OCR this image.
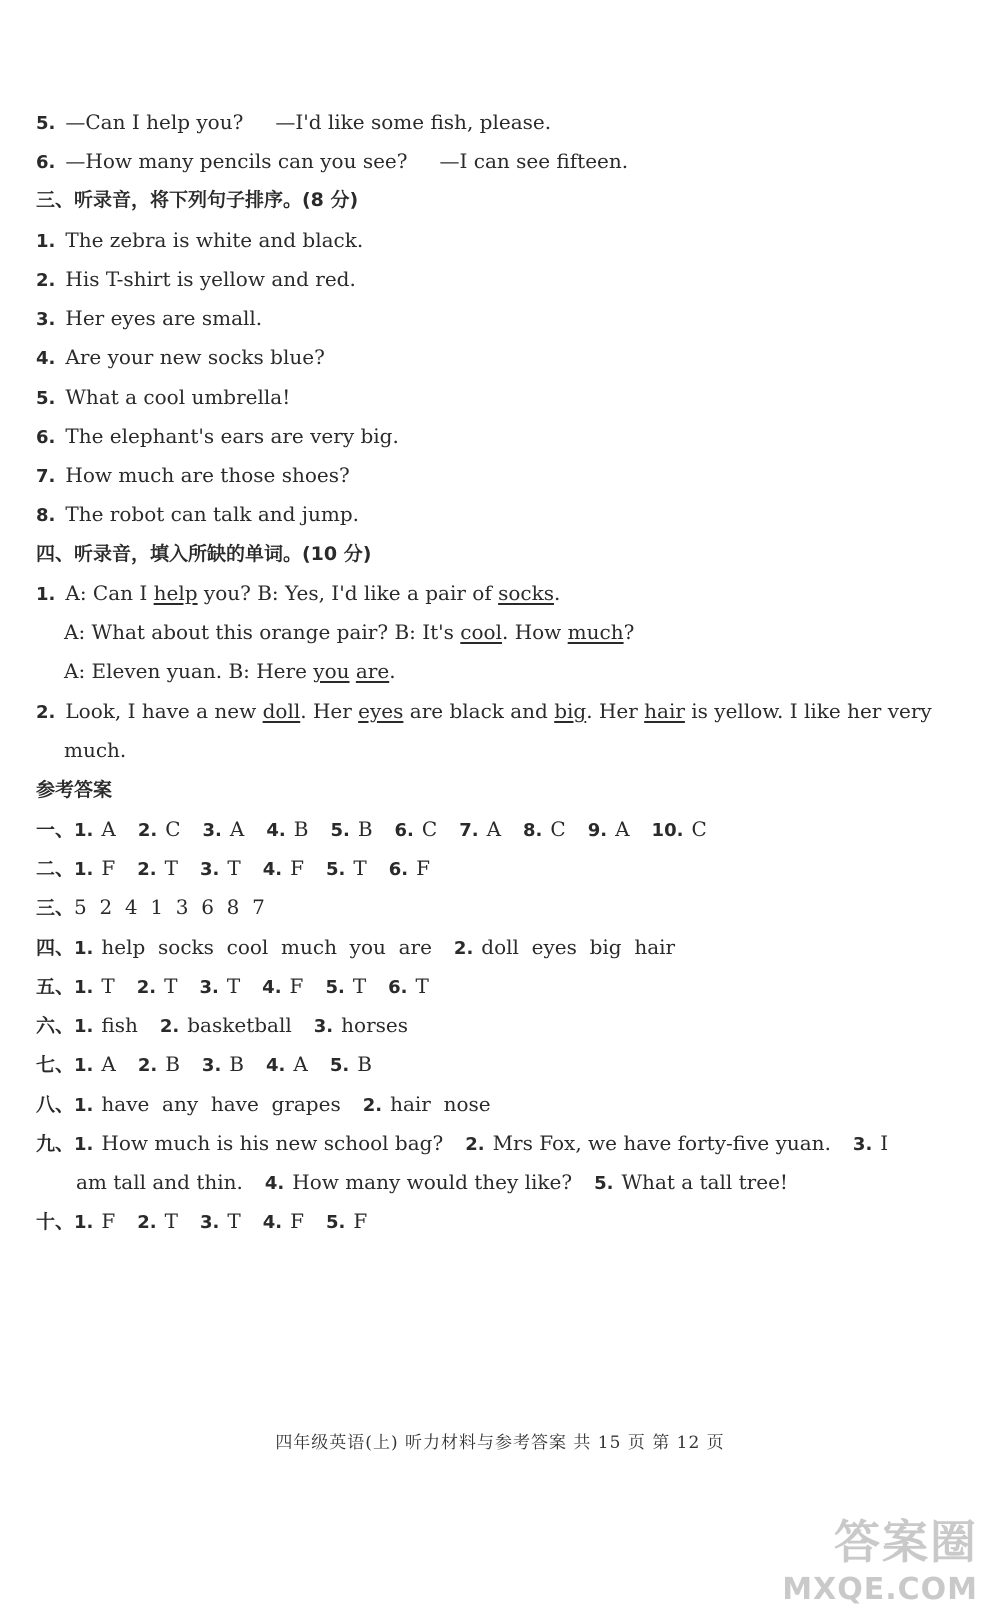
5. —Can I help you? —I'd like some fish, please.
6. —How many pencils can you see? —I can see fifteen.
三、听录音，将下列句子排序。(8 分)
1. The zebra is white and black.
2. His T-shirt is yellow and red.
3. Her eyes are small.
4. Are your new socks blue?
5. What a cool umbrella!
6. The elephant's ears are very big.
7. How much are those shoes?
8. The robot can talk and jump.
四、听录音，填入所缺的单词。(10 分)
1. A: Can I help you? B: Yes, I'd like a pair of socks.
A: What about this orange pair? B: It's cool. How much?
A: Eleven yuan. B: Here you are.
2. Look, I have a new doll. Her eyes are black and big. Her hair is yellow. I like her very
much.
参考答案
一、1. A 2. C 3. A 4. B 5. B 6. C 7. A 8. C 9. A 10. C
二、1. F 2. T 3. T 4. F 5. T 6. F
三、5  2  4  1  3  6  8  7
四、1. help  socks  cool  much  you  are 2. doll  eyes  big  hair
五、1. T 2. T 3. T 4. F 5. T 6. T
六、1. fish 2. basketball 3. horses
七、1. A 2. B 3. B 4. A 5. B
八、1. have  any  have  grapes 2. hair  nose
九、1. How much is his new school bag? 2. Mrs Fox, we have forty-five yuan. 3. I
am tall and thin. 4. How many would they like? 5. What a tall tree!
十、1. F 2. T 3. T 4. F 5. F
四年级英语(上) 听力材料与参考答案 共 15 页 第 12 页
答案圈
MXQE.COM
